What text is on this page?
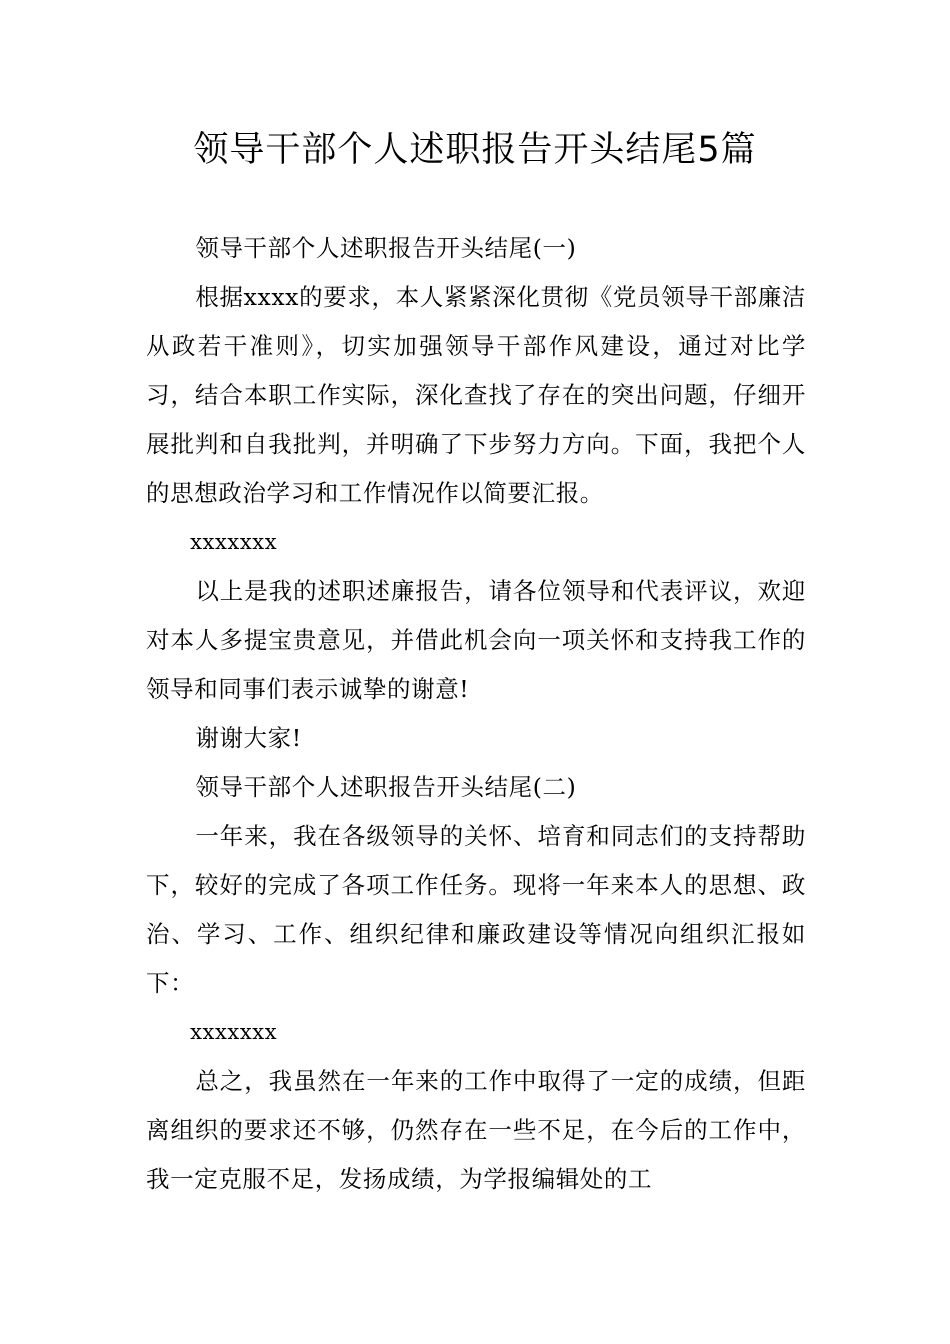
领导干部个人述职报告开头结尾5篇

领导干部个人述职报告开头结尾(一)

根据xxxx的要求，本人紧紧深化贯彻《党员领导干部廉洁从政若干准则》，切实加强领导干部作风建设，通过对比学习，结合本职工作实际，深化查找了存在的突出问题，仔细开展批判和自我批判，并明确了下步努力方向。下面，我把个人的思想政治学习和工作情况作以简要汇报。

xxxxxxx

以上是我的述职述廉报告，请各位领导和代表评议，欢迎对本人多提宝贵意见，并借此机会向一项关怀和支持我工作的领导和同事们表示诚挚的谢意!

谢谢大家!

领导干部个人述职报告开头结尾(二)

一年来，我在各级领导的关怀、培育和同志们的支持帮助下，较好的完成了各项工作任务。现将一年来本人的思想、政治、学习、工作、组织纪律和廉政建设等情况向组织汇报如下：

xxxxxxx

总之，我虽然在一年来的工作中取得了一定的成绩，但距离组织的要求还不够，仍然存在一些不足，在今后的工作中，我一定克服不足，发扬成绩，为学报编辑处的工
